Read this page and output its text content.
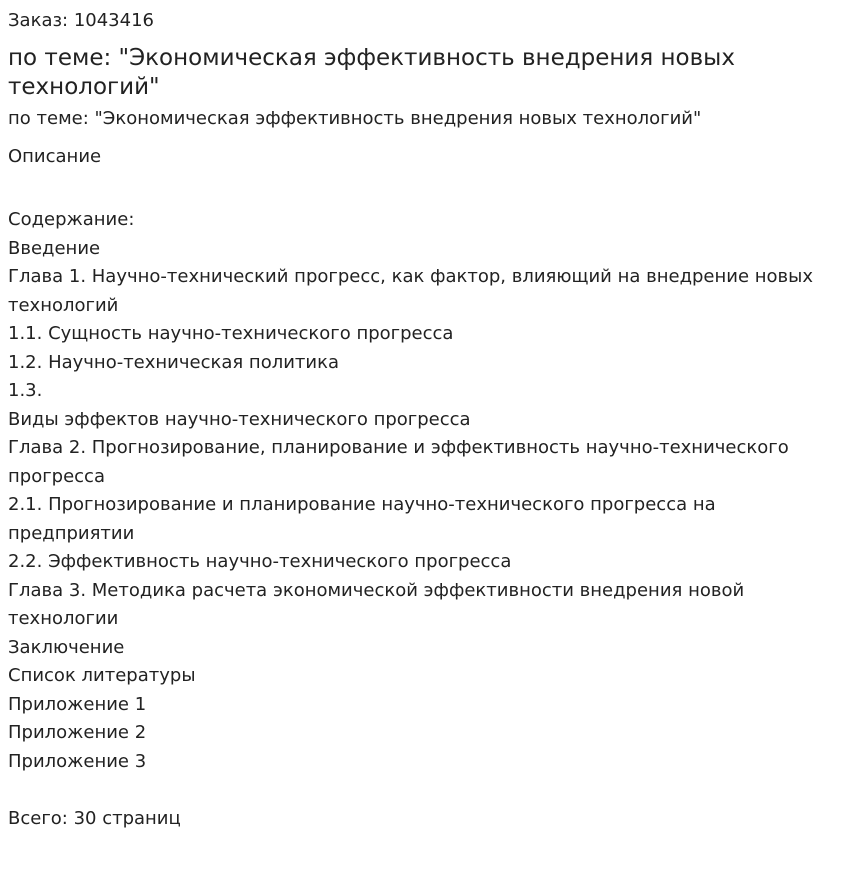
Заказ: 1043416
по теме: "Экономическая эффективность внедрения новых технологий"
по теме: "Экономическая эффективность внедрения новых технологий"
Описание
Содержание:
Введение
Глава 1. Научно-технический прогресс, как фактор, влияющий на внедрение новых технологий
1.1. Сущность научно-технического прогресса
1.2. Научно-техническая политика
1.3.
Виды эффектов научно-технического прогресса
Глава 2. Прогнозирование, планирование и эффективность научно-технического прогресса
2.1. Прогнозирование и планирование научно-технического прогресса на предприятии
2.2. Эффективность научно-технического прогресса
Глава 3. Методика расчета экономической эффективности внедрения новой технологии
Заключение
Список литературы
Приложение 1
Приложение 2
Приложение 3
Всего: 30 страниц
